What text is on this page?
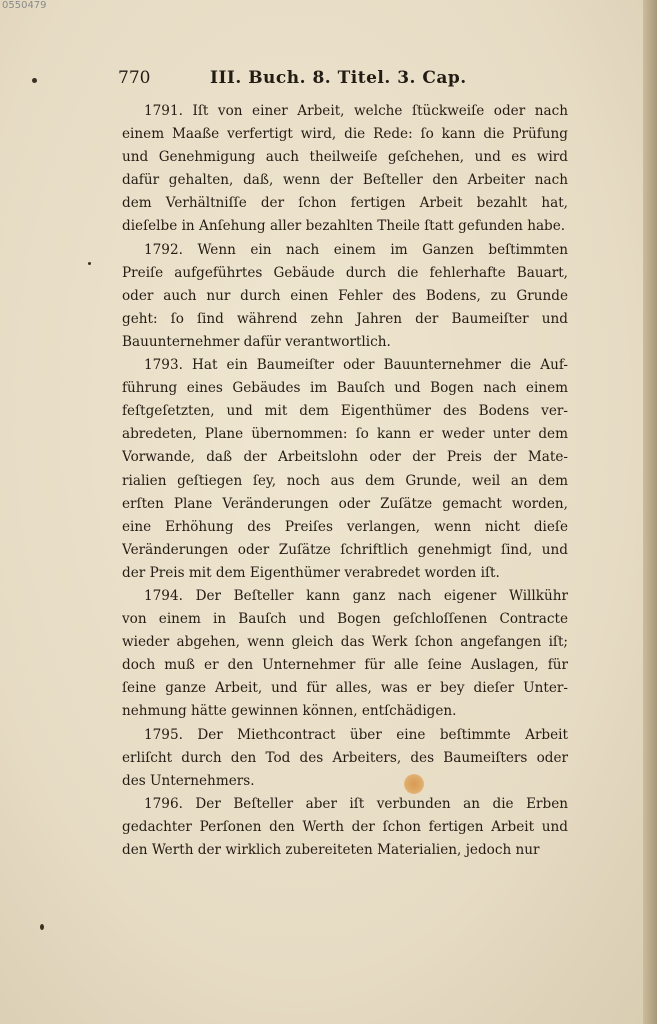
0550479
770	III. Buch. 8. Titel. 3. Cap.
1791. Iſt von einer Arbeit, welche ſtückweiſe oder nach
einem Maaße verfertigt wird, die Rede: ſo kann die Prüfung
und Genehmigung auch theilweiſe geſchehen, und es wird
dafür gehalten, daß, wenn der Beſteller den Arbeiter nach
dem Verhältniſſe der ſchon fertigen Arbeit bezahlt hat,
dieſelbe in Anſehung aller bezahlten Theile ſtatt gefunden habe.
1792. Wenn ein nach einem im Ganzen beſtimmten
Preiſe aufgeführtes Gebäude durch die fehlerhafte Bauart,
oder auch nur durch einen Fehler des Bodens, zu Grunde
geht: ſo ſind während zehn Jahren der Baumeiſter und
Bauunternehmer dafür verantwortlich.
1793. Hat ein Baumeiſter oder Bauunternehmer die Auf-
führung eines Gebäudes im Bauſch und Bogen nach einem
feſtgeſetzten, und mit dem Eigenthümer des Bodens ver-
abredeten, Plane übernommen: ſo kann er weder unter dem
Vorwande, daß der Arbeitslohn oder der Preis der Mate-
rialien geſtiegen ſey, noch aus dem Grunde, weil an dem
erſten Plane Veränderungen oder Zuſätze gemacht worden,
eine Erhöhung des Preiſes verlangen, wenn nicht dieſe
Veränderungen oder Zuſätze ſchriftlich genehmigt ſind, und
der Preis mit dem Eigenthümer verabredet worden iſt.
1794. Der Beſteller kann ganz nach eigener Willkühr
von einem in Bauſch und Bogen geſchloſſenen Contracte
wieder abgehen, wenn gleich das Werk ſchon angefangen iſt;
doch muß er den Unternehmer für alle ſeine Auslagen, für
ſeine ganze Arbeit, und für alles, was er bey dieſer Unter-
nehmung hätte gewinnen können, entſchädigen.
1795. Der Miethcontract über eine beſtimmte Arbeit
erliſcht durch den Tod des Arbeiters, des Baumeiſters oder
des Unternehmers.
1796. Der Beſteller aber iſt verbunden an die Erben
gedachter Perſonen den Werth der ſchon fertigen Arbeit und
den Werth der wirklich zubereiteten Materialien, jedoch nur
